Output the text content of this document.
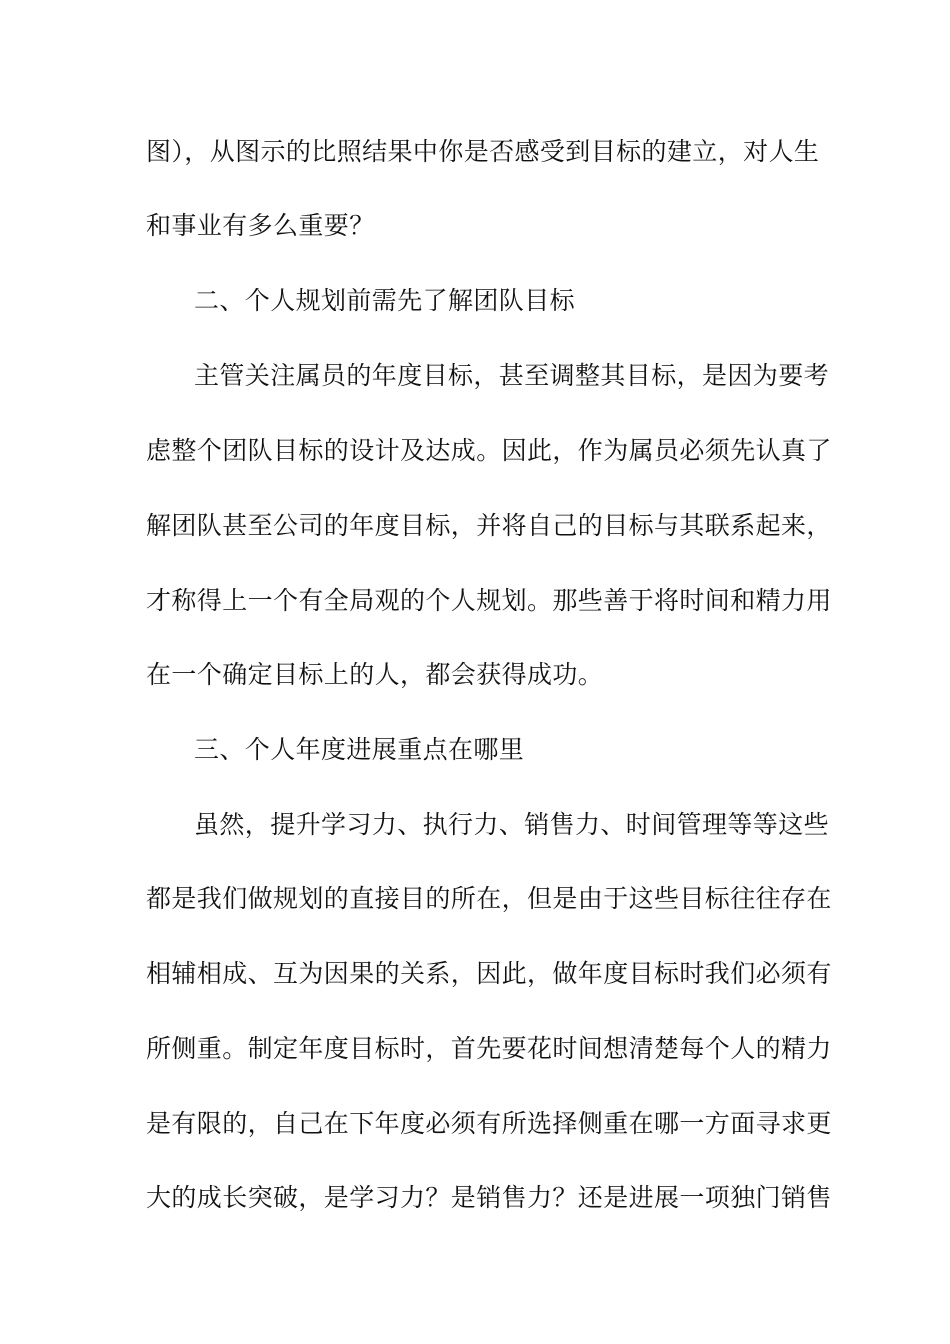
图），从图示的比照结果中你是否感受到目标的建立，对人生
和事业有多么重要？
二、个人规划前需先了解团队目标
主管关注属员的年度目标，甚至调整其目标，是因为要考
虑整个团队目标的设计及达成。因此，作为属员必须先认真了
解团队甚至公司的年度目标，并将自己的目标与其联系起来，
才称得上一个有全局观的个人规划。那些善于将时间和精力用
在一个确定目标上的人，都会获得成功。
三、个人年度进展重点在哪里
虽然，提升学习力、执行力、销售力、时间管理等等这些
都是我们做规划的直接目的所在，但是由于这些目标往往存在
相辅相成、互为因果的关系，因此，做年度目标时我们必须有
所侧重。制定年度目标时，首先要花时间想清楚每个人的精力
是有限的，自己在下年度必须有所选择侧重在哪一方面寻求更
大的成长突破，是学习力？是销售力？还是进展一项独门销售
